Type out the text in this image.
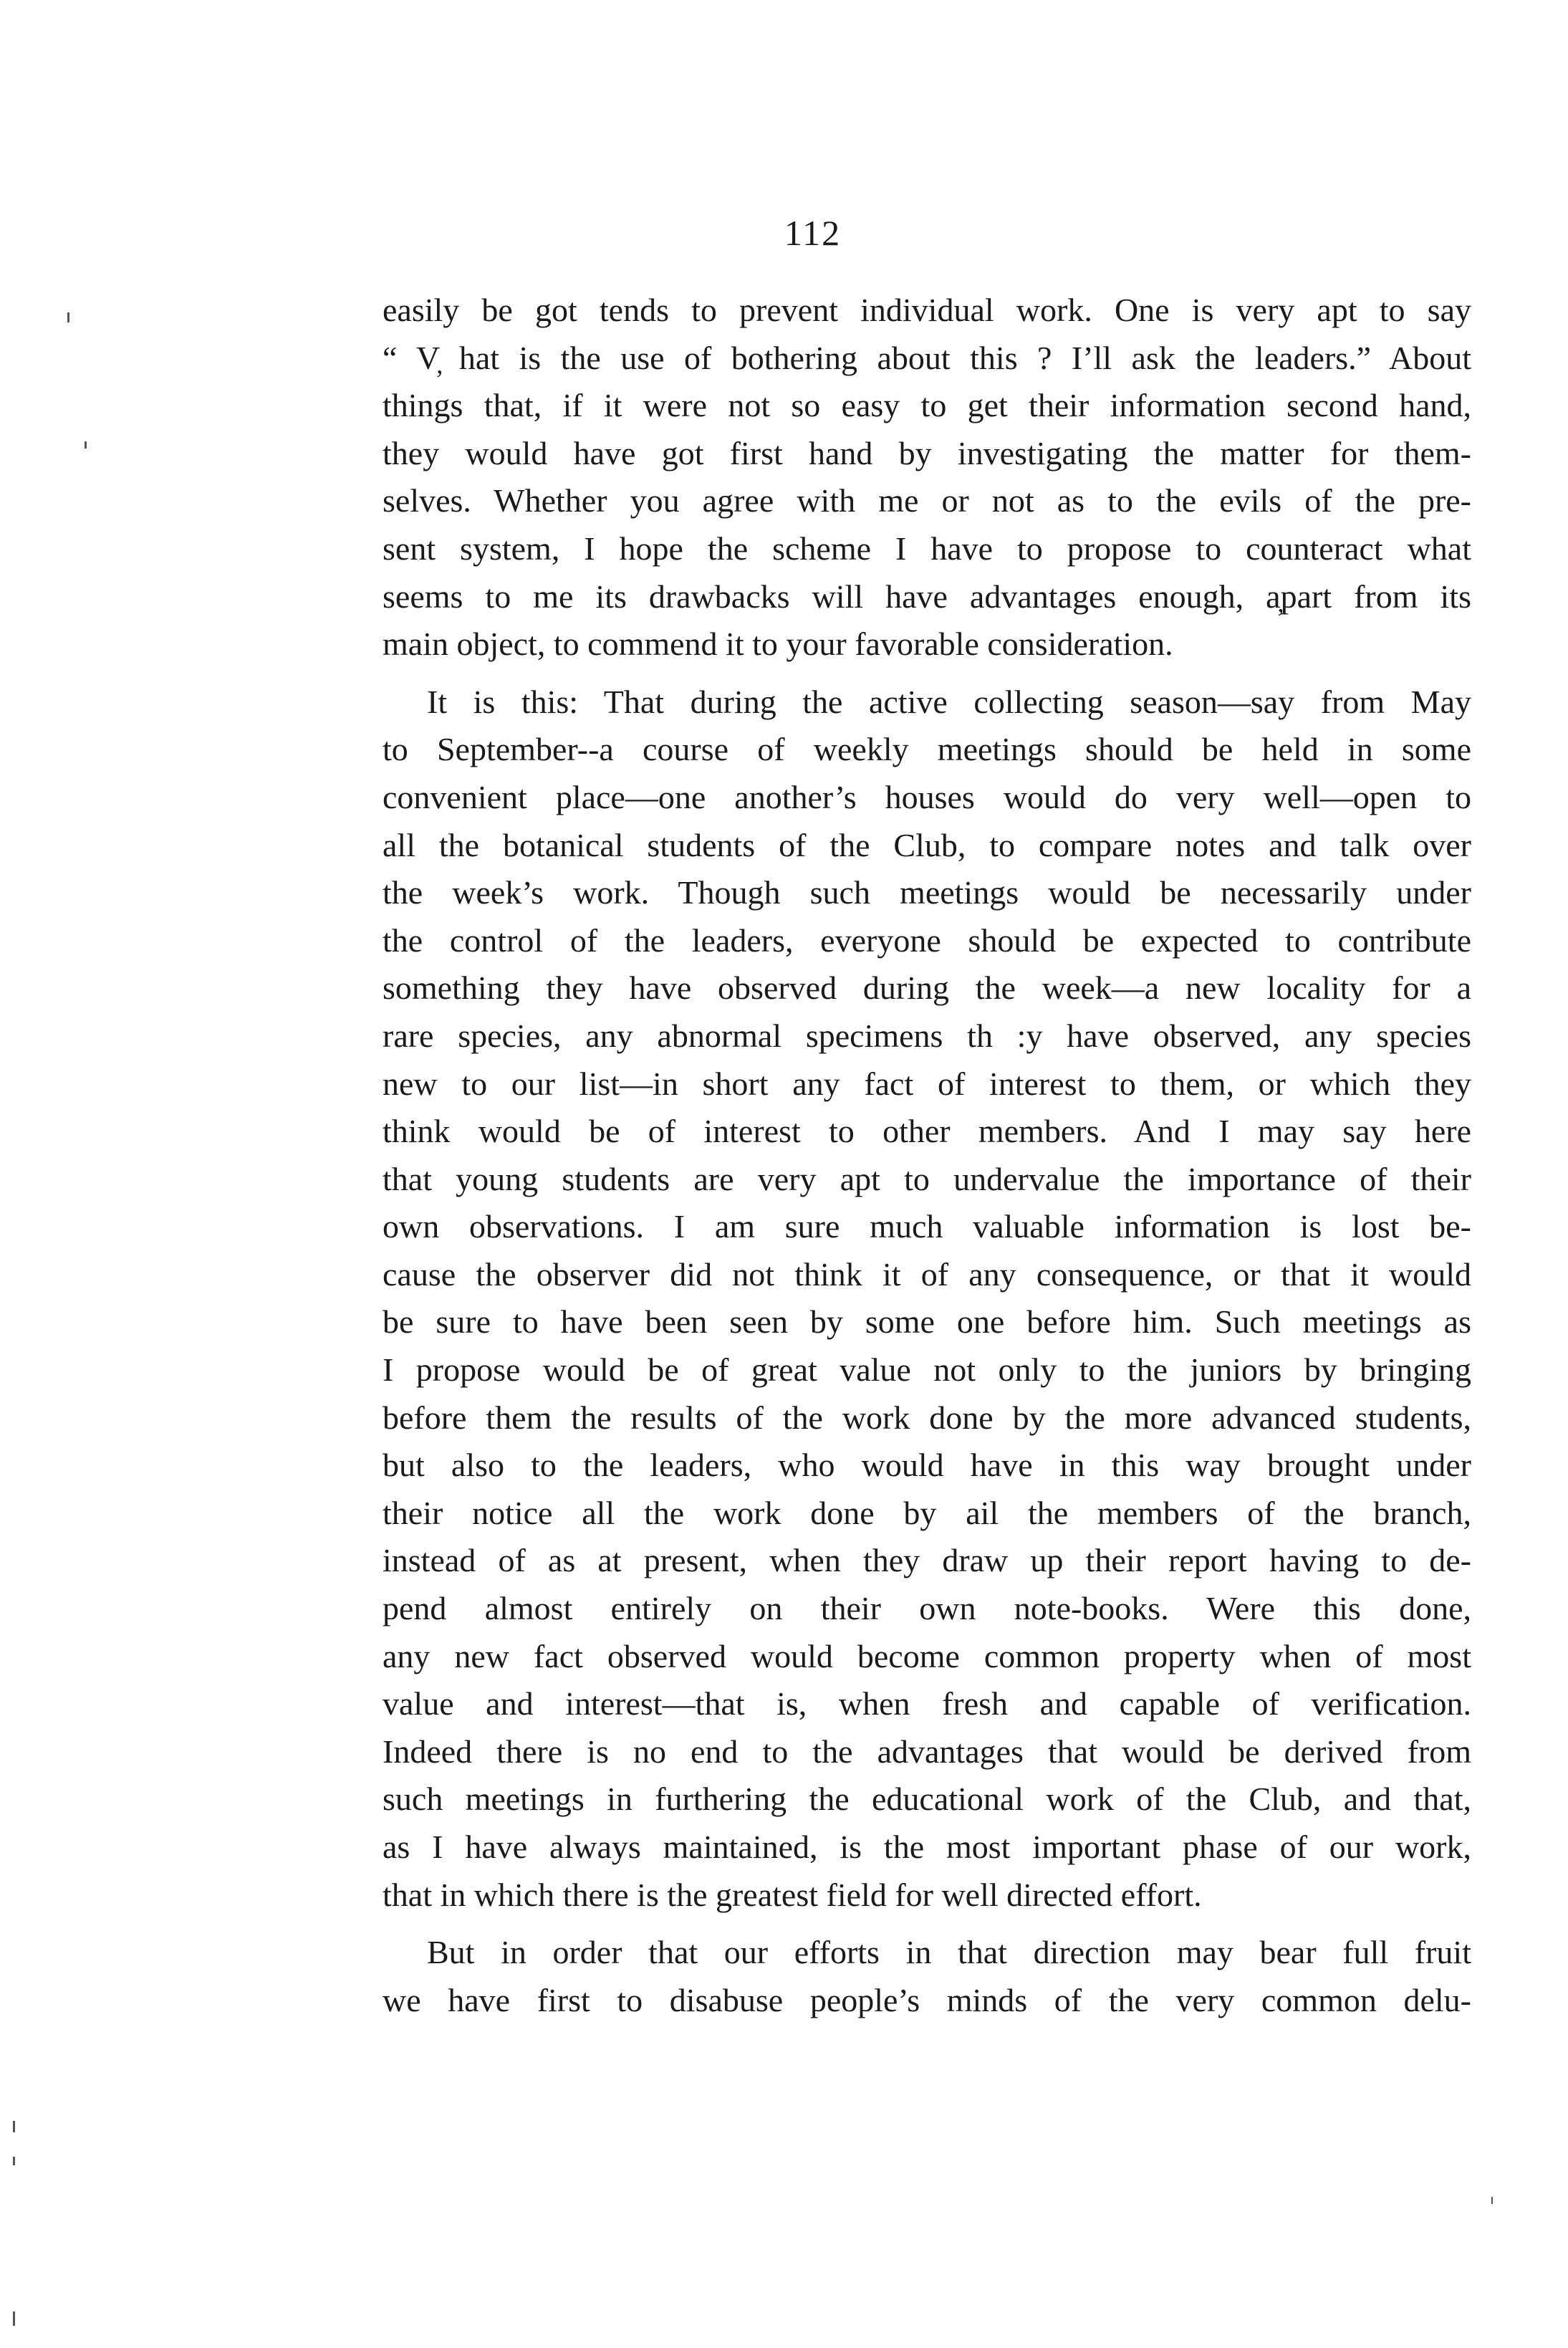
112
easily be got tends to prevent individual work. One is very apt to say
“ V̦ hat is the use of bothering about this ? I’ll ask the leaders.” About
things that, if it were not so easy to get their information second hand,
they would have got first hand by investigating the matter for them-
selves. Whether you agree with me or not as to the evils of the pre-
sent system, I hope the scheme I have to propose to counteract what
seems to me its drawbacks will have advantages enough, a̦part from its
main object, to commend it to your favorable consideration.
It is this: That during the active collecting season—say from May
to September--a course of weekly meetings should be held in some
convenient place—one another’s houses would do very well—open to
all the botanical students of the Club, to compare notes and talk over
the week’s work. Though such meetings would be necessarily under
the control of the leaders, everyone should be expected to contribute
something they have observed during the week—a new locality for a
rare species, any abnormal specimens th :y have observed, any species
new to our list—in short any fact of interest to them, or which they
think would be of interest to other members. And I may say here
that young students are very apt to undervalue the importance of their
own observations. I am sure much valuable information is lost be-
cause the observer did not think it of any consequence, or that it would
be sure to have been seen by some one before him. Such meetings as
I propose would be of great value not only to the juniors by bringing
before them the results of the work done by the more advanced students,
but also to the leaders, who would have in this way brought under
their notice all the work done by ail the members of the branch,
instead of as at present, when they draw up their report having to de-
pend almost entirely on their own note-books. Were this done,
any new fact observed would become common property when of most
value and interest—that is, when fresh and capable of verification.
Indeed there is no end to the advantages that would be derived from
such meetings in furthering the educational work of the Club, and that,
as I have always maintained, is the most important phase of our work,
that in which there is the greatest field for well directed effort.
But in order that our efforts in that direction may bear full fruit
we have first to disabuse people’s minds of the very common delu-
